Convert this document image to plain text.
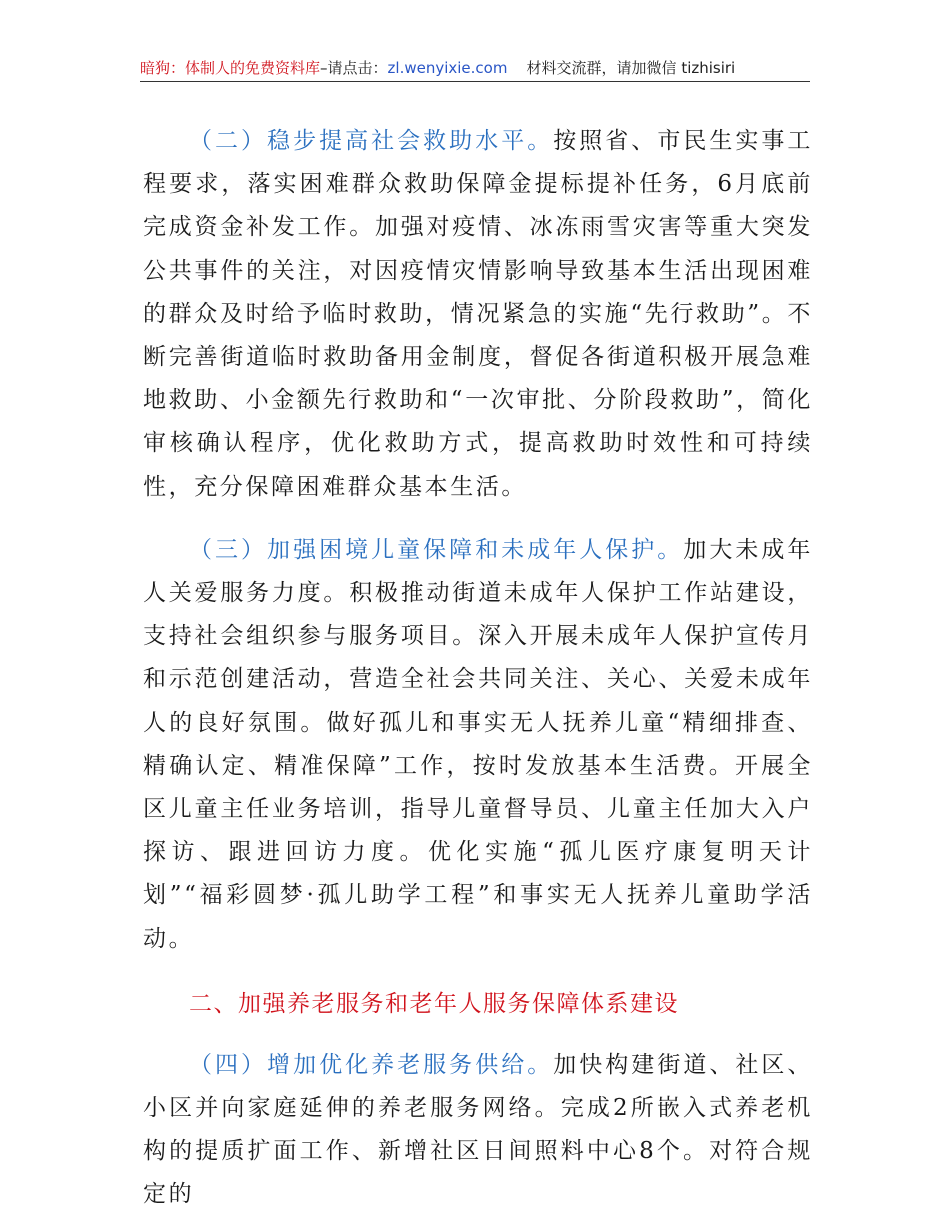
暗狗：体制人的免费资料库–请点击：zl.wenyixie.com 材料交流群，请加微信 tizhisiri

（二）稳步提高社会救助水平。按照省、市民生实事工程要求，落实困难群众救助保障金提标提补任务，6月底前完成资金补发工作。加强对疫情、冰冻雨雪灾害等重大突发公共事件的关注，对因疫情灾情影响导致基本生活出现困难的群众及时给予临时救助，情况紧急的实施“先行救助”。不断完善街道临时救助备用金制度，督促各街道积极开展急难地救助、小金额先行救助和“一次审批、分阶段救助”，简化审核确认程序，优化救助方式，提高救助时效性和可持续性，充分保障困难群众基本生活。

（三）加强困境儿童保障和未成年人保护。加大未成年人关爱服务力度。积极推动街道未成年人保护工作站建设，支持社会组织参与服务项目。深入开展未成年人保护宣传月和示范创建活动，营造全社会共同关注、关心、关爱未成年人的良好氛围。做好孤儿和事实无人抚养儿童“精细排查、精确认定、精准保障”工作，按时发放基本生活费。开展全区儿童主任业务培训，指导儿童督导员、儿童主任加大入户探访、跟进回访力度。优化实施“孤儿医疗康复明天计划”“福彩圆梦·孤儿助学工程”和事实无人抚养儿童助学活动。

二、加强养老服务和老年人服务保障体系建设

（四）增加优化养老服务供给。加快构建街道、社区、小区并向家庭延伸的养老服务网络。完成2所嵌入式养老机构的提质扩面工作、新增社区日间照料中心8个。对符合规定的
